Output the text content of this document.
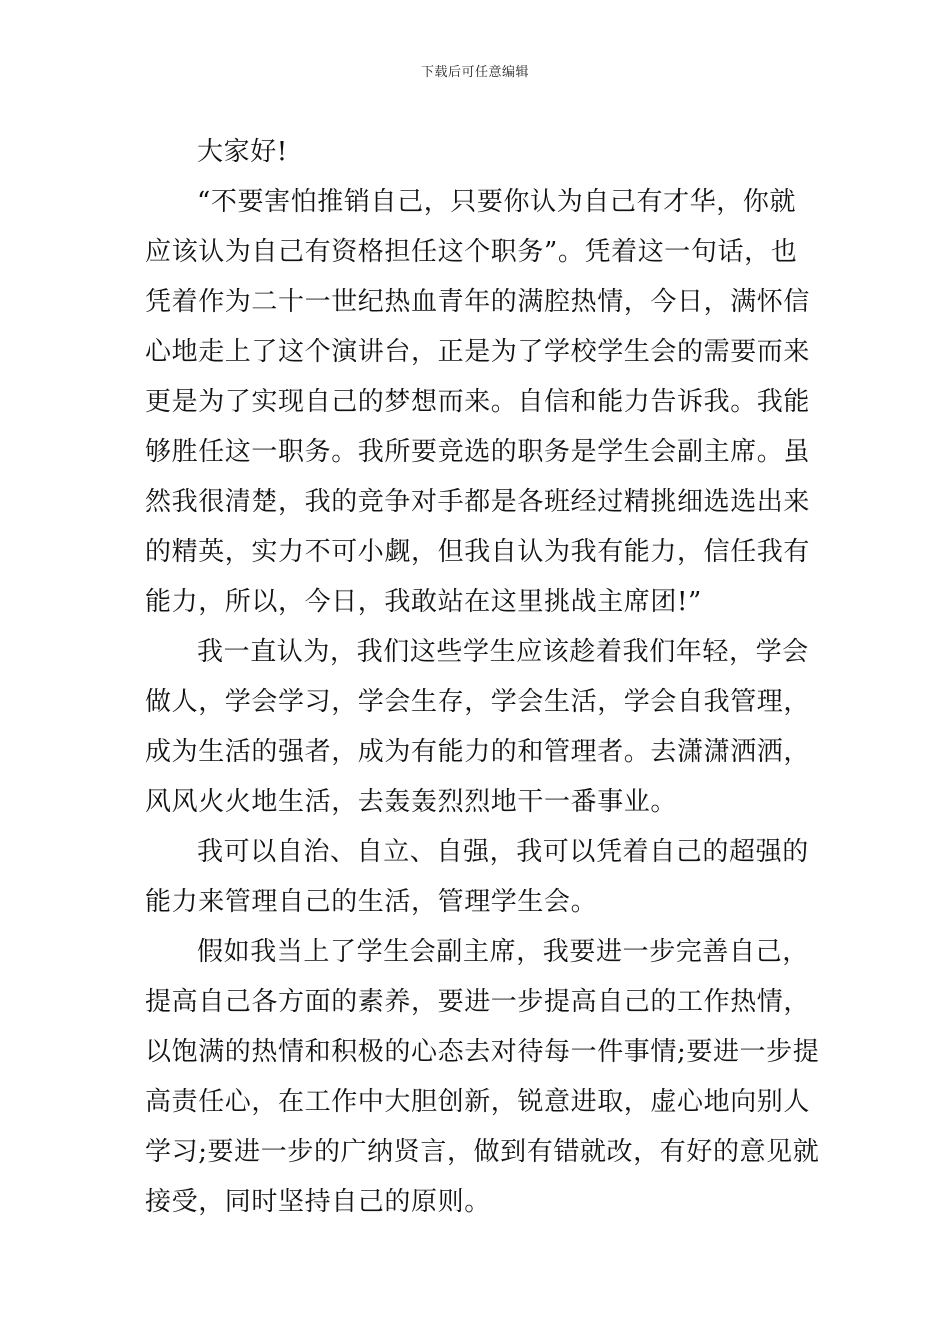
下载后可任意编辑
大家好!
“不要害怕推销自己，只要你认为自己有才华，你就
应该认为自己有资格担任这个职务”。凭着这一句话，也
凭着作为二十一世纪热血青年的满腔热情，今日，满怀信
心地走上了这个演讲台，正是为了学校学生会的需要而来
更是为了实现自己的梦想而来。自信和能力告诉我。我能
够胜任这一职务。我所要竞选的职务是学生会副主席。虽
然我很清楚，我的竞争对手都是各班经过精挑细选选出来
的精英，实力不可小觑，但我自认为我有能力，信任我有
能力，所以，今日，我敢站在这里挑战主席团!”
我一直认为，我们这些学生应该趁着我们年轻，学会
做人，学会学习，学会生存，学会生活，学会自我管理，
成为生活的强者，成为有能力的和管理者。去潇潇洒洒，
风风火火地生活，去轰轰烈烈地干一番事业。
我可以自治、自立、自强，我可以凭着自己的超强的
能力来管理自己的生活，管理学生会。
假如我当上了学生会副主席，我要进一步完善自己，
提高自己各方面的素养，要进一步提高自己的工作热情，
以饱满的热情和积极的心态去对待每一件事情;要进一步提
高责任心，在工作中大胆创新，锐意进取，虚心地向别人
学习;要进一步的广纳贤言，做到有错就改，有好的意见就
接受，同时坚持自己的原则。
